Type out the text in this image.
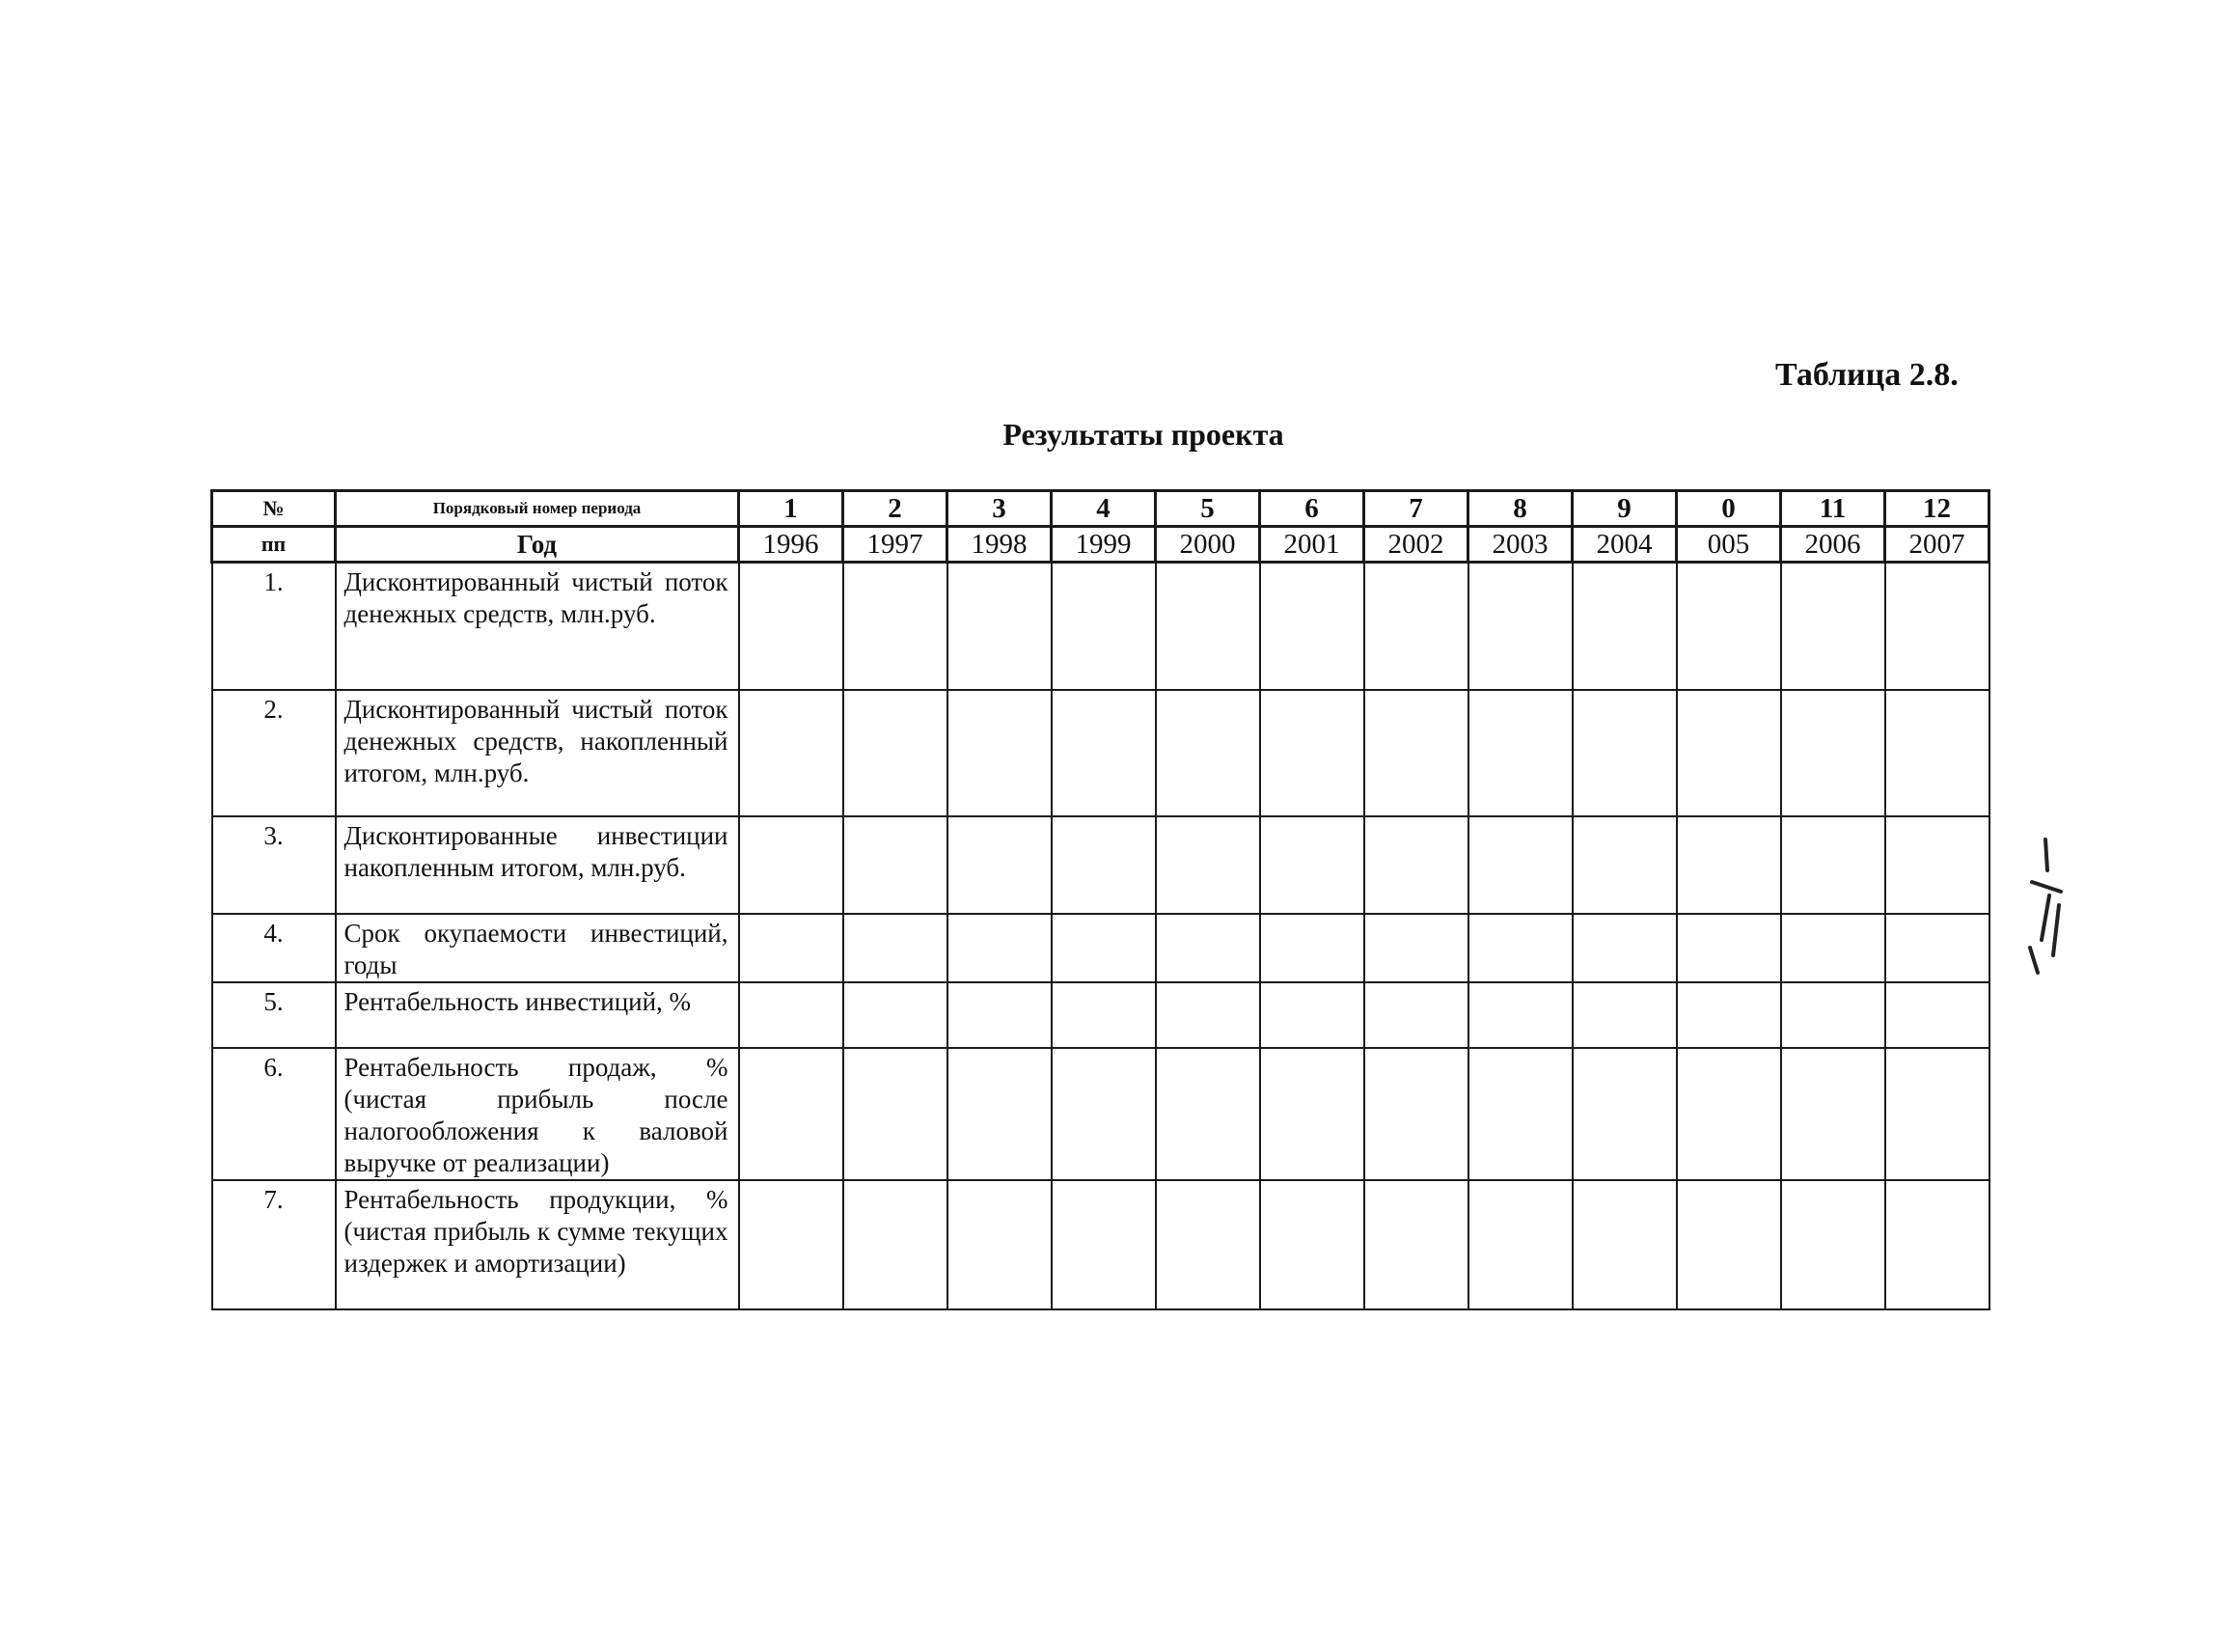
Таблица 2.8.
Результаты проекта
№	Порядковый номер периода	1	2	3	4	5	6	7	8	9	0	11	12
пп	Год	1996	1997	1998	1999	2000	2001	2002	2003	2004	005	2006	2007
1.	Дисконтированный чистый поток денежных средств, млн.руб.												
2.	Дисконтированный чистый поток денежных средств, накопленный итогом, млн.руб.												
3.	Дисконтированные инвестиции накопленным итогом, млн.руб.												
4.	Срок окупаемости инвестиций, годы												
5.	Рентабельность инвестиций, %												
6.	Рентабельность продаж, % (чистая прибыль после налогообложения к валовой выручке от реализации)												
7.	Рентабельность продукции, % (чистая прибыль к сумме текущих издержек и амортизации)												
